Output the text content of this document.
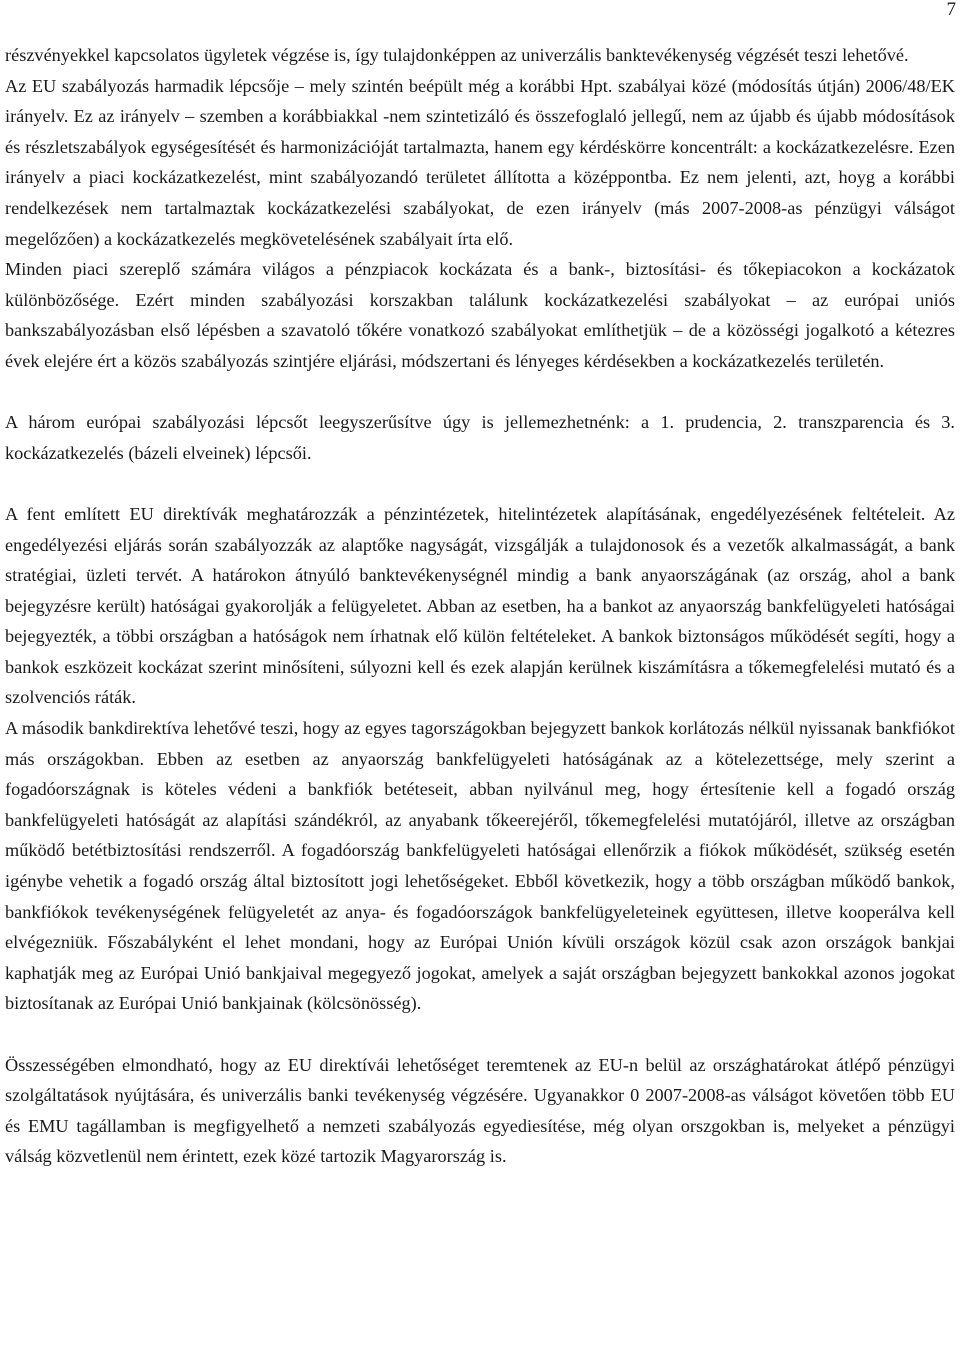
7

részvényekkel kapcsolatos ügyletek végzése is, így tulajdonképpen az univerzális banktevékenység végzését teszi lehetővé.

Az EU szabályozás harmadik lépcsője – mely szintén beépült még a korábbi Hpt. szabályai közé (módosítás útján) 2006/48/EK irányelv. Ez az irányelv – szemben a korábbiakkal -nem szintetizáló és összefoglaló jellegű, nem az újabb és újabb módosítások és részletszabályok egységesítését és harmonizációját tartalmazta, hanem egy kérdéskörre koncentrált: a kockázatkezelésre. Ezen irányelv a piaci kockázatkezelést, mint szabályozandó területet állította a középpontba. Ez nem jelenti, azt, hoyg a korábbi rendelkezések nem tartalmaztak kockázatkezelési szabályokat, de ezen irányelv (más 2007-2008-as pénzügyi válságot megelőzően) a kockázatkezelés megkövetelésének szabályait írta elő.

Minden piaci szereplő számára világos a pénzpiacok kockázata és a bank-, biztosítási- és tőkepiacokon a kockázatok különbözősége. Ezért minden szabályozási korszakban találunk kockázatkezelési szabályokat – az európai uniós bankszabályozásban első lépésben a szavatoló tőkére vonatkozó szabályokat említhetjük – de a közösségi jogalkotó a kétezres évek elejére ért a közös szabályozás szintjére eljárási, módszertani és lényeges kérdésekben a kockázatkezelés területén.

A három európai szabályozási lépcsőt leegyszerűsítve úgy is jellemezhetnénk: a 1. prudencia, 2. transzparencia és 3. kockázatkezelés (bázeli elveinek) lépcsői.

A fent említett EU direktívák meghatározzák a pénzintézetek, hitelintézetek alapításának, engedélyezésének feltételeit. Az engedélyezési eljárás során szabályozzák az alaptőke nagyságát, vizsgálják a tulajdonosok és a vezetők alkalmasságát, a bank stratégiai, üzleti tervét. A határokon átnyúló banktevékenységnél mindig a bank anyaországának (az ország, ahol a bank bejegyzésre került) hatóságai gyakorolják a felügyeletet. Abban az esetben, ha a bankot az anyaország bankfelügyeleti hatóságai bejegyezték, a többi országban a hatóságok nem írhatnak elő külön feltételeket. A bankok biztonságos működését segíti, hogy a bankok eszközeit kockázat szerint minősíteni, súlyozni kell és ezek alapján kerülnek kiszámításra a tőkemegfelelési mutató és a szolvenciós ráták.

A második bankdirektíva lehetővé teszi, hogy az egyes tagországokban bejegyzett bankok korlátozás nélkül nyissanak bankfiókot más országokban. Ebben az esetben az anyaország bankfelügyeleti hatóságának az a kötelezettsége, mely szerint a fogadóországnak is köteles védeni a bankfiók betéteseit, abban nyilvánul meg, hogy értesítenie kell a fogadó ország bankfelügyeleti hatóságát az alapítási szándékról, az anyabank tőkeerejéről, tőkemegfelelési mutatójáról, illetve az országban működő betétbiztosítási rendszerről. A fogadóország bankfelügyeleti hatóságai ellenőrzik a fiókok működését, szükség esetén igénybe vehetik a fogadó ország által biztosított jogi lehetőségeket. Ebből következik, hogy a több országban működő bankok, bankfiókok tevékenységének felügyeletét az anya- és fogadóországok bankfelügyeleteinek együttesen, illetve kooperálva kell elvégezniük. Főszabályként el lehet mondani, hogy az Európai Unión kívüli országok közül csak azon országok bankjai kaphatják meg az Európai Unió bankjaival megegyező jogokat, amelyek a saját országban bejegyzett bankokkal azonos jogokat biztosítanak az Európai Unió bankjainak (kölcsönösség).

Összességében elmondható, hogy az EU direktívái lehetőséget teremtenek az EU-n belül az országhatárokat átlépő pénzügyi szolgáltatások nyújtására, és univerzális banki tevékenység végzésére. Ugyanakkor 0 2007-2008-as válságot követően több EU és EMU tagállamban is megfigyelhető a nemzeti szabályozás egyediesítése, még olyan orszgokban is, melyeket a pénzügyi válság közvetlenül nem érintett, ezek közé tartozik Magyarország is.
